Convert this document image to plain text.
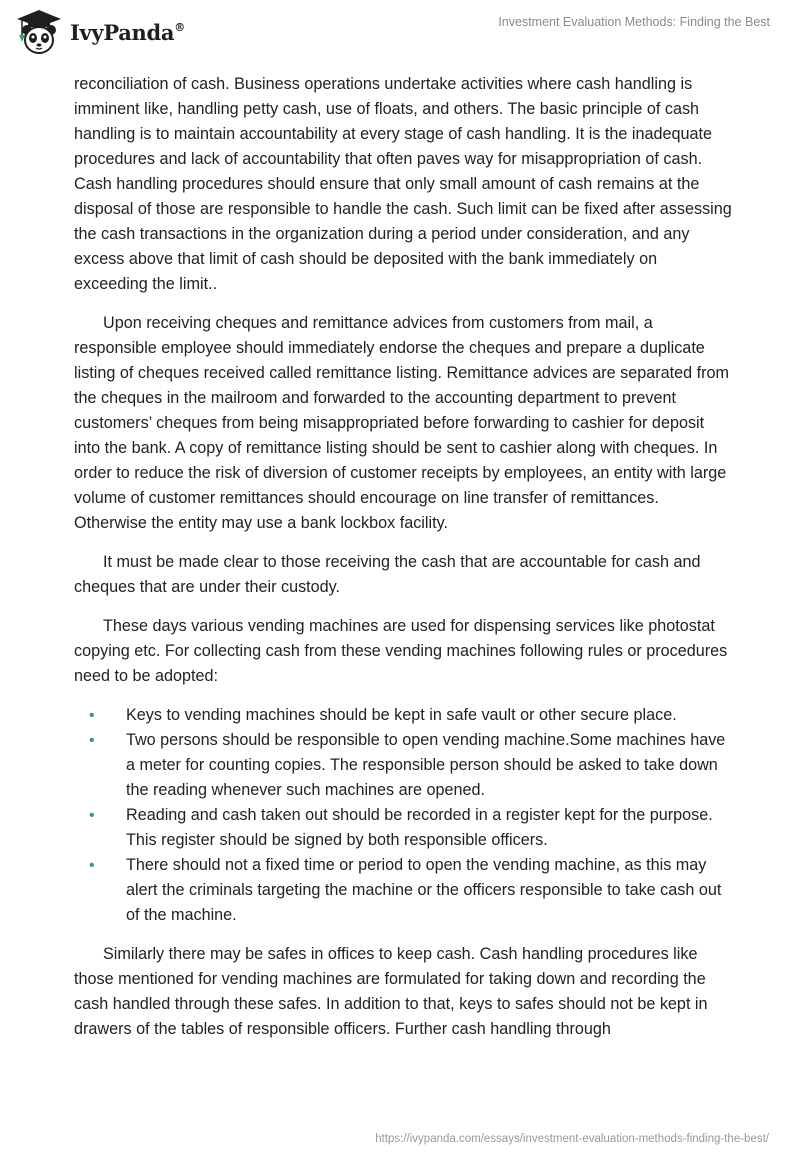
IvyPanda®	Investment Evaluation Methods: Finding the Best

reconciliation of cash. Business operations undertake activities where cash handling is imminent like, handling petty cash, use of floats, and others. The basic principle of cash handling is to maintain accountability at every stage of cash handling. It is the inadequate procedures and lack of accountability that often paves way for misappropriation of cash. Cash handling procedures should ensure that only small amount of cash remains at the disposal of those are responsible to handle the cash. Such limit can be fixed after assessing the cash transactions in the organization during a period under consideration, and any excess above that limit of cash should be deposited with the bank immediately on exceeding the limit..

Upon receiving cheques and remittance advices from customers from mail, a responsible employee should immediately endorse the cheques and prepare a duplicate listing of cheques received called remittance listing. Remittance advices are separated from the cheques in the mailroom and forwarded to the accounting department to prevent customers’ cheques from being misappropriated before forwarding to cashier for deposit into the bank. A copy of remittance listing should be sent to cashier along with cheques. In order to reduce the risk of diversion of customer receipts by employees, an entity with large volume of customer remittances should encourage on line transfer of remittances. Otherwise the entity may use a bank lockbox facility.

It must be made clear to those receiving the cash that are accountable for cash and cheques that are under their custody.

These days various vending machines are used for dispensing services like photostat copying etc. For collecting cash from these vending machines following rules or procedures need to be adopted:

• Keys to vending machines should be kept in safe vault or other secure place.
• Two persons should be responsible to open vending machine.Some machines have a meter for counting copies. The responsible person should be asked to take down the reading whenever such machines are opened.
• Reading and cash taken out should be recorded in a register kept for the purpose. This register should be signed by both responsible officers.
• There should not a fixed time or period to open the vending machine, as this may alert the criminals targeting the machine or the officers responsible to take cash out of the machine.

Similarly there may be safes in offices to keep cash. Cash handling procedures like those mentioned for vending machines are formulated for taking down and recording the cash handled through these safes. In addition to that, keys to safes should not be kept in drawers of the tables of responsible officers. Further cash handling through

https://ivypanda.com/essays/investment-evaluation-methods-finding-the-best/
